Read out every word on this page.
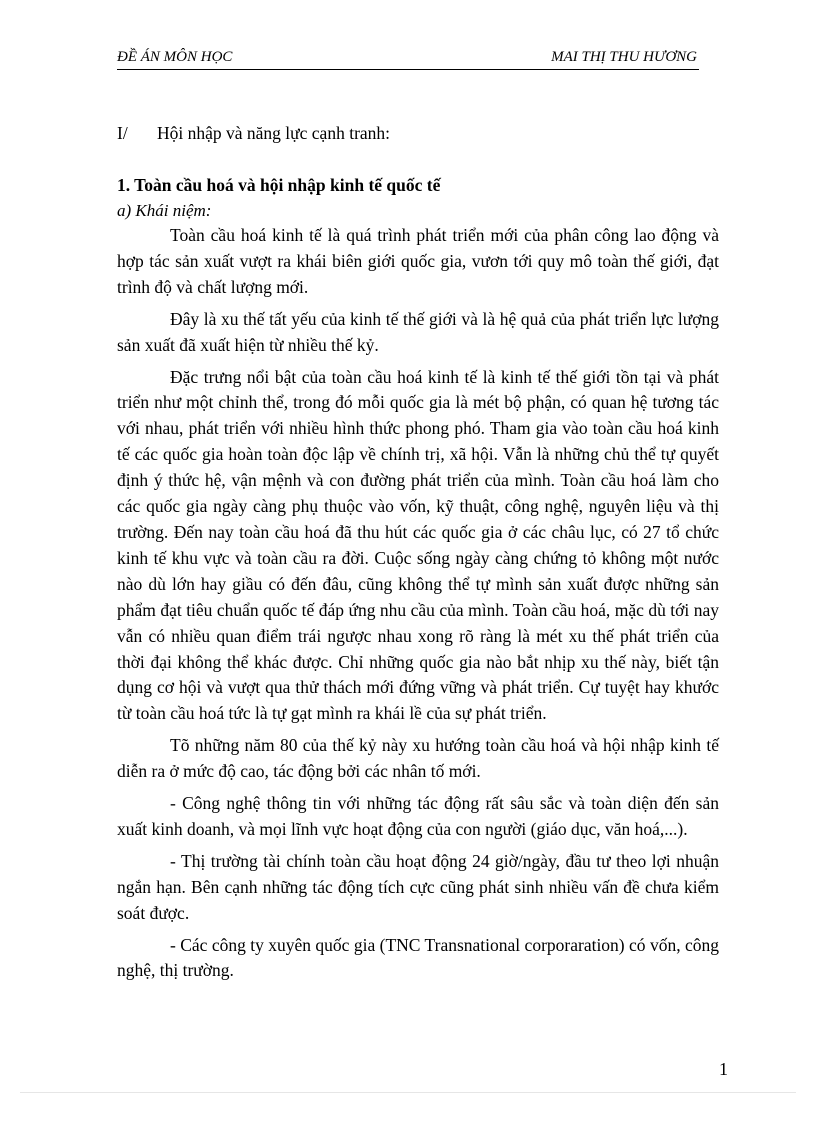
ĐỀ ÁN MÔN HỌC	MAI THỊ THU HƯƠNG
I/ Hội nhập và năng lực cạnh tranh:
1. Toàn cầu hoá và hội nhập kinh tế quốc tế
a) Khái niệm:

Toàn cầu hoá kinh tế là quá trình phát triển mới của phân công lao động và hợp tác sản xuất vượt ra khái biên giới quốc gia, vươn tới quy mô toàn thế giới, đạt trình độ và chất lượng mới.

Đây là xu thế tất yếu của kinh tế thế giới và là hệ quả của phát triển lực lượng sản xuất đã xuất hiện từ nhiều thế kỷ.

Đặc trưng nổi bật của toàn cầu hoá kinh tế là kinh tế thế giới tồn tại và phát triển như một chỉnh thể, trong đó mỗi quốc gia là mét bộ phận, có quan hệ tương tác với nhau, phát triển với nhiều hình thức phong phó. Tham gia vào toàn cầu hoá kinh tế các quốc gia hoàn toàn độc lập về chính trị, xã hội. Vẫn là những chủ thể tự quyết định ý thức hệ, vận mệnh và con đường phát triển của mình. Toàn cầu hoá làm cho các quốc gia ngày càng phụ thuộc vào vốn, kỹ thuật, công nghệ, nguyên liệu và thị trường. Đến nay toàn cầu hoá đã thu hút các quốc gia ở các châu lục, có 27 tổ chức kinh tế khu vực và toàn cầu ra đời. Cuộc sống ngày càng chứng tỏ không một nước nào dù lớn hay giầu có đến đâu, cũng không thể tự mình sản xuất được những sản phẩm đạt tiêu chuẩn quốc tế đáp ứng nhu cầu của mình. Toàn cầu hoá, mặc dù tới nay vẫn có nhiều quan điểm trái ngược nhau xong rõ ràng là mét xu thế phát triển của thời đại không thể khác được. Chỉ những quốc gia nào bắt nhịp xu thế này, biết tận dụng cơ hội và vượt qua thử thách mới đứng vững và phát triển. Cự tuyệt hay khước từ toàn cầu hoá tức là tự gạt mình ra khái lề của sự phát triển.

Tõ những năm 80 của thế kỷ này xu hướng toàn cầu hoá và hội nhập kinh tế diễn ra ở mức độ cao, tác động bởi các nhân tố mới.

- Công nghệ thông tin với những tác động rất sâu sắc và toàn diện đến sản xuất kinh doanh, và mọi lĩnh vực hoạt động của con người (giáo dục, văn hoá,...).

- Thị trường tài chính toàn cầu hoạt động 24 giờ/ngày, đầu tư theo lợi nhuận ngắn hạn. Bên cạnh những tác động tích cực cũng phát sinh nhiều vấn đề chưa kiểm soát được.

- Các công ty xuyên quốc gia (TNC Transnational corporaration) có vốn, công nghệ, thị trường.

1
